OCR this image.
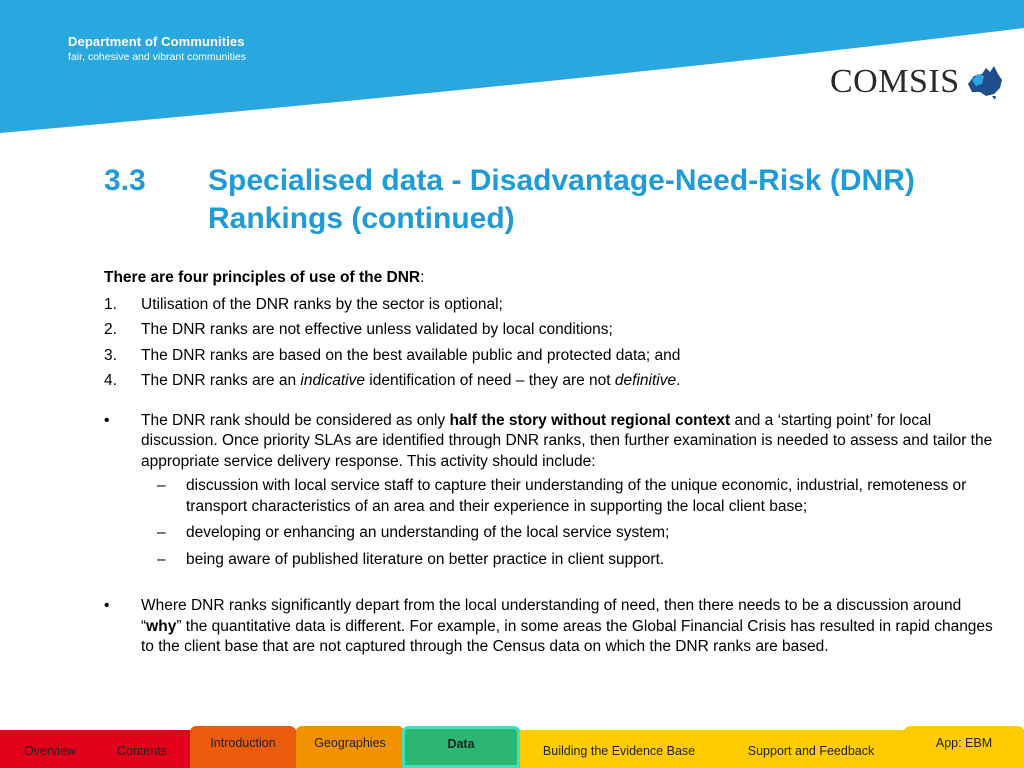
Department of Communities
fair, cohesive and vibrant communities
COMSIS
3.3	Specialised data - Disadvantage-Need-Risk (DNR) Rankings (continued)
There are four principles of use of the DNR:
1. Utilisation of the DNR ranks by the sector is optional;
2. The DNR ranks are not effective unless validated by local conditions;
3. The DNR ranks are based on the best available public and protected data; and
4. The DNR ranks are an indicative identification of need – they are not definitive.
• The DNR rank should be considered as only half the story without regional context and a ‘starting point’ for local discussion. Once priority SLAs are identified through DNR ranks, then further examination is needed to assess and tailor the appropriate service delivery response. This activity should include:
– discussion with local service staff to capture their understanding of the unique economic, industrial, remoteness or transport characteristics of an area and their experience in supporting the local client base;
– developing or enhancing an understanding of the local service system;
– being aware of published literature on better practice in client support.
• Where DNR ranks significantly depart from the local understanding of need, then there needs to be a discussion around “why” the quantitative data is different. For example, in some areas the Global Financial Crisis has resulted in rapid changes to the client base that are not captured through the Census data on which the DNR ranks are based.
Overview	Contents
Introduction	Geographies	Data	Building the Evidence Base	Support and Feedback
App: EBM
